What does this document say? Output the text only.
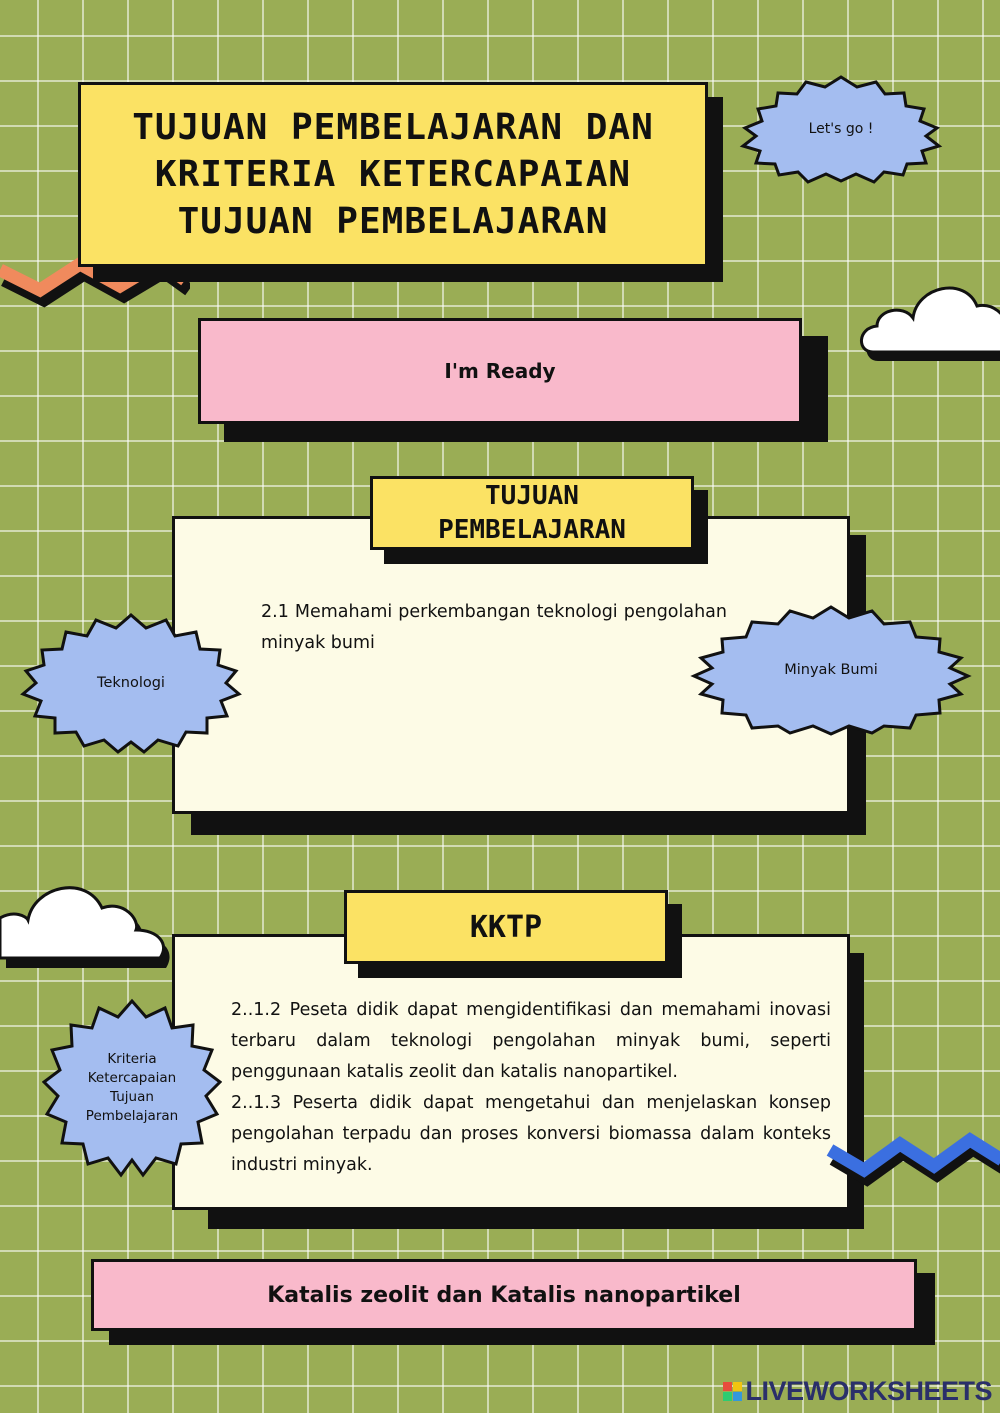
TUJUAN PEMBELAJARAN DAN
KRITERIA KETERCAPAIAN
TUJUAN PEMBELAJARAN
Let's go !
I'm Ready
2.1 Memahami perkembangan teknologi pengolahan minyak bumi
TUJUAN
PEMBELAJARAN
Teknologi
Minyak Bumi
2..1.2 Peseta didik dapat mengidentifikasi dan memahami inovasi terbaru dalam teknologi pengolahan minyak bumi, seperti penggunaan katalis zeolit dan katalis nanopartikel.
2..1.3 Peserta didik dapat mengetahui dan menjelaskan konsep pengolahan terpadu dan proses konversi biomassa dalam konteks industri minyak.
KKTP
Kriteria
Ketercapaian
Tujuan
Pembelajaran
Katalis zeolit dan Katalis nanopartikel
LIVEWORKSHEETS
